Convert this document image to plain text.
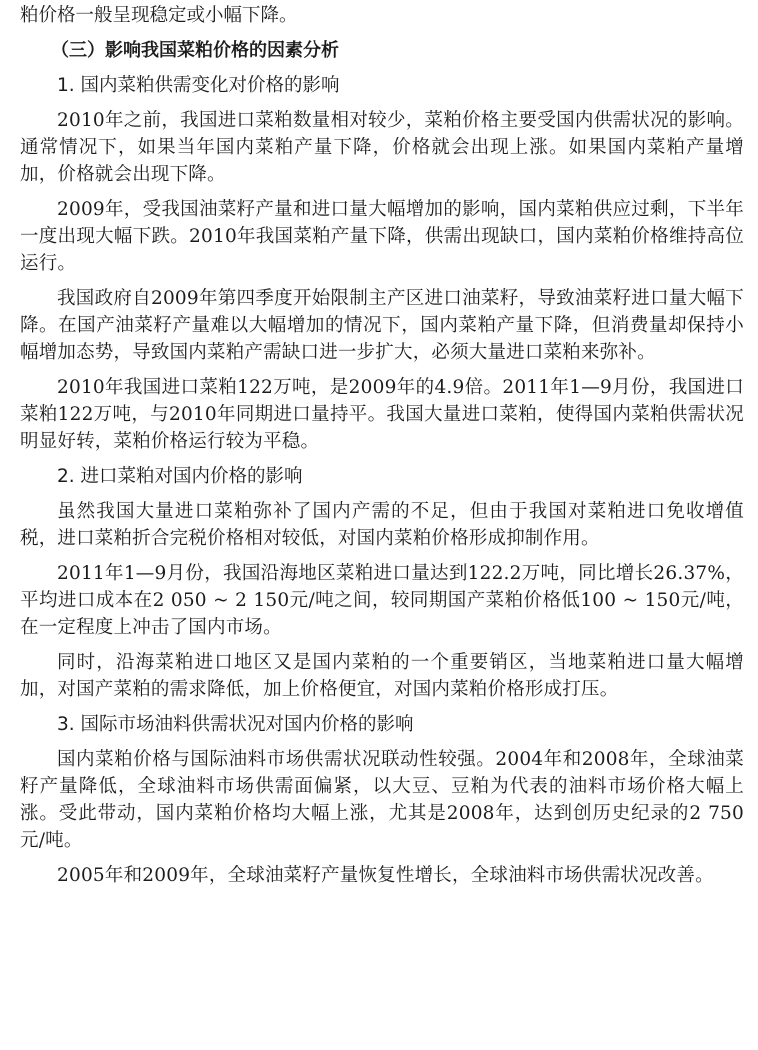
粕价格一般呈现稳定或小幅下降。

（三）影响我国菜粕价格的因素分析
1. 国内菜粕供需变化对价格的影响

2010年之前，我国进口菜粕数量相对较少，菜粕价格主要受国内供需状况的影响。通常情况下，如果当年国内菜粕产量下降，价格就会出现上涨。如果国内菜粕产量增加，价格就会出现下降。

2009年，受我国油菜籽产量和进口量大幅增加的影响，国内菜粕供应过剩，下半年一度出现大幅下跌。2010年我国菜粕产量下降，供需出现缺口，国内菜粕价格维持高位运行。

我国政府自2009年第四季度开始限制主产区进口油菜籽，导致油菜籽进口量大幅下降。在国产油菜籽产量难以大幅增加的情况下，国内菜粕产量下降，但消费量却保持小幅增加态势，导致国内菜粕产需缺口进一步扩大，必须大量进口菜粕来弥补。

2010年我国进口菜粕122万吨，是2009年的4.9倍。2011年1—9月份，我国进口菜粕122万吨，与2010年同期进口量持平。我国大量进口菜粕，使得国内菜粕供需状况明显好转，菜粕价格运行较为平稳。

2. 进口菜粕对国内价格的影响

虽然我国大量进口菜粕弥补了国内产需的不足，但由于我国对菜粕进口免收增值税，进口菜粕折合完税价格相对较低，对国内菜粕价格形成抑制作用。

2011年1—9月份，我国沿海地区菜粕进口量达到122.2万吨，同比增长26.37%，平均进口成本在2 050 ~ 2 150元/吨之间，较同期国产菜粕价格低100 ~ 150元/吨，在一定程度上冲击了国内市场。

同时，沿海菜粕进口地区又是国内菜粕的一个重要销区，当地菜粕进口量大幅增加，对国产菜粕的需求降低，加上价格便宜，对国内菜粕价格形成打压。

3. 国际市场油料供需状况对国内价格的影响

国内菜粕价格与国际油料市场供需状况联动性较强。2004年和2008年，全球油菜籽产量降低，全球油料市场供需面偏紧，以大豆、豆粕为代表的油料市场价格大幅上涨。受此带动，国内菜粕价格均大幅上涨，尤其是2008年，达到创历史纪录的2 750元/吨。

2005年和2009年，全球油菜籽产量恢复性增长，全球油料市场供需状况改善。
